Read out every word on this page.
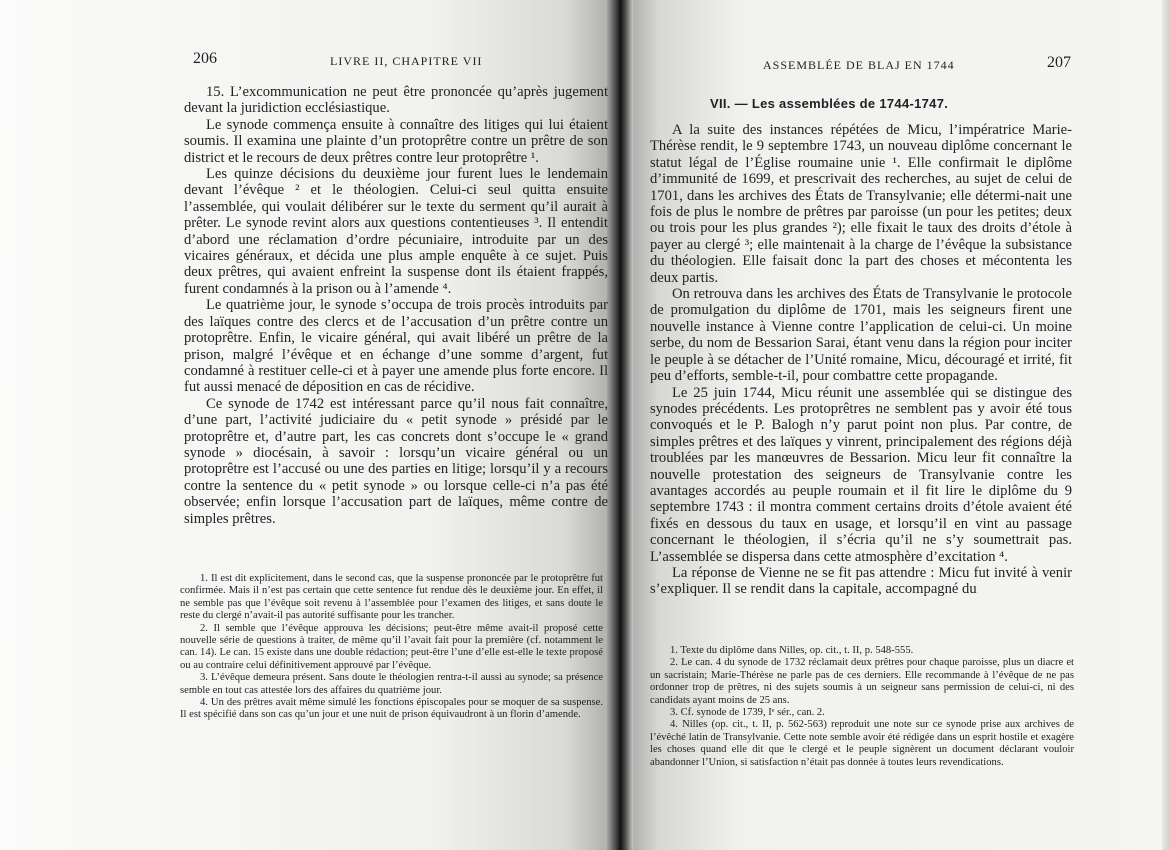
206	LIVRE II, CHAPITRE VII

15. L’excommunication ne peut être prononcée qu’après jugement devant la juridiction ecclésiastique.

Le synode commença ensuite à connaître des litiges qui lui étaient soumis. Il examina une plainte d’un protoprêtre contre un prêtre de son district et le recours de deux prêtres contre leur protoprêtre ¹.

Les quinze décisions du deuxième jour furent lues le lendemain devant l’évêque ² et le théologien. Celui-ci seul quitta ensuite l’assemblée, qui voulait délibérer sur le texte du serment qu’il aurait à prêter. Le synode revint alors aux questions contentieuses ³. Il entendit d’abord une réclamation d’ordre pécuniaire, introduite par un des vicaires généraux, et décida une plus ample enquête à ce sujet. Puis deux prêtres, qui avaient enfreint la suspense dont ils étaient frappés, furent condamnés à la prison ou à l’amende ⁴.

Le quatrième jour, le synode s’occupa de trois procès introduits par des laïques contre des clercs et de l’accusation d’un prêtre contre un protoprêtre. Enfin, le vicaire général, qui avait libéré un prêtre de la prison, malgré l’évêque et en échange d’une somme d’argent, fut condamné à restituer celle-ci et à payer une amende plus forte encore. Il fut aussi menacé de déposition en cas de récidive.

Ce synode de 1742 est intéressant parce qu’il nous fait connaître, d’une part, l’activité judiciaire du « petit synode » présidé par le protoprêtre et, d’autre part, les cas concrets dont s’occupe le « grand synode » diocésain, à savoir : lorsqu’un vicaire général ou un protoprêtre est l’accusé ou une des parties en litige; lorsqu’il y a recours contre la sentence du « petit synode » ou lorsque celle-ci n’a pas été observée; enfin lorsque l’accusation part de laïques, même contre de simples prêtres.

1. Il est dit explicitement, dans le second cas, que la suspense prononcée par le protoprêtre fut confirmée. Mais il n’est pas certain que cette sentence fut rendue dès le deuxième jour. En effet, il ne semble pas que l’évêque soit revenu à l’assemblée pour l’examen des litiges, et sans doute le reste du clergé n’avait-il pas autorité suffisante pour les trancher.

2. Il semble que l’évêque approuva les décisions; peut-être même avait-il proposé cette nouvelle série de questions à traiter, de même qu’il l’avait fait pour la première (cf. notamment le can. 14). Le can. 15 existe dans une double rédaction; peut-être l’une d’elle est-elle le texte proposé ou au contraire celui définitivement approuvé par l’évêque.

3. L’évêque demeura présent. Sans doute le théologien rentra-t-il aussi au synode; sa présence semble en tout cas attestée lors des affaires du quatrième jour.

4. Un des prêtres avait même simulé les fonctions épiscopales pour se moquer de sa suspense. Il est spécifié dans son cas qu’un jour et une nuit de prison équivaudront à un florin d’amende.

ASSEMBLÉE DE BLAJ EN 1744	207
VII. — Les assemblées de 1744-1747.

A la suite des instances répétées de Micu, l’impératrice Marie-Thérèse rendit, le 9 septembre 1743, un nouveau diplôme concernant le statut légal de l’Église roumaine unie ¹. Elle confirmait le diplôme d’immunité de 1699, et prescrivait des recherches, au sujet de celui de 1701, dans les archives des États de Transylvanie; elle détermi-nait une fois de plus le nombre de prêtres par paroisse (un pour les petites; deux ou trois pour les plus grandes ²); elle fixait le taux des droits d’étole à payer au clergé ³; elle maintenait à la charge de l’évêque la subsistance du théologien. Elle faisait donc la part des choses et mécontenta les deux partis.

On retrouva dans les archives des États de Transylvanie le protocole de promulgation du diplôme de 1701, mais les seigneurs firent une nouvelle instance à Vienne contre l’application de celui-ci. Un moine serbe, du nom de Bessarion Sarai, étant venu dans la région pour inciter le peuple à se détacher de l’Unité romaine, Micu, découragé et irrité, fit peu d’efforts, semble-t-il, pour combattre cette propagande.

Le 25 juin 1744, Micu réunit une assemblée qui se distingue des synodes précédents. Les protoprêtres ne semblent pas y avoir été tous convoqués et le P. Balogh n’y parut point non plus. Par contre, de simples prêtres et des laïques y vinrent, principalement des régions déjà troublées par les manœuvres de Bessarion. Micu leur fit connaître la nouvelle protestation des seigneurs de Transylvanie contre les avantages accordés au peuple roumain et il fit lire le diplôme du 9 septembre 1743 : il montra comment certains droits d’étole avaient été fixés en dessous du taux en usage, et lorsqu’il en vint au passage concernant le théologien, il s’écria qu’il ne s’y soumettrait pas. L’assemblée se dispersa dans cette atmosphère d’excitation ⁴.

La réponse de Vienne ne se fit pas attendre : Micu fut invité à venir s’expliquer. Il se rendit dans la capitale, accompagné du

1. Texte du diplôme dans Nilles, op. cit., t. II, p. 548-555.

2. Le can. 4 du synode de 1732 réclamait deux prêtres pour chaque paroisse, plus un diacre et un sacristain; Marie-Thérèse ne parle pas de ces derniers. Elle recommande à l’évêque de ne pas ordonner trop de prêtres, ni des sujets soumis à un seigneur sans permission de celui-ci, ni des candidats ayant moins de 25 ans.

3. Cf. synode de 1739, Iᵉ sér., can. 2.

4. Nilles (op. cit., t. II, p. 562-563) reproduit une note sur ce synode prise aux archives de l’évêché latin de Transylvanie. Cette note semble avoir été rédigée dans un esprit hostile et exagère les choses quand elle dit que le clergé et le peuple signèrent un document déclarant vouloir abandonner l’Union, si satisfaction n’était pas donnée à toutes leurs revendications.
